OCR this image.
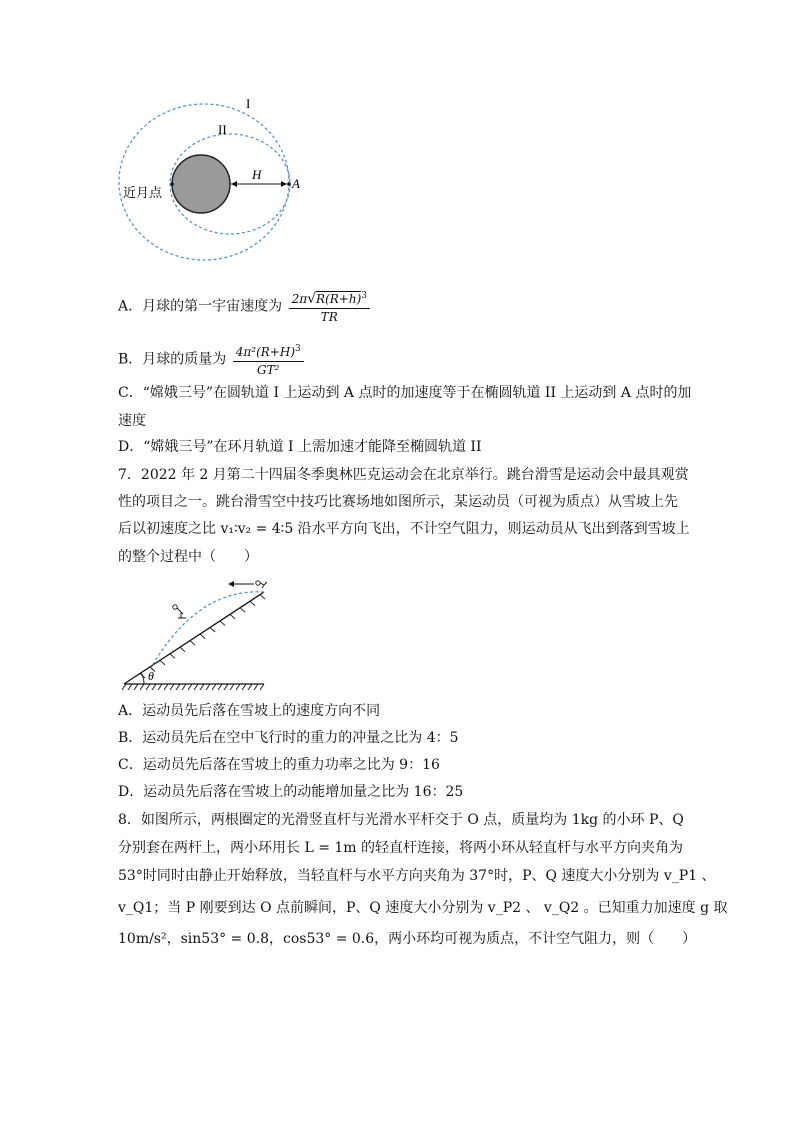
I
II
H
A
近月点
A．月球的第一宇宙速度为 $\frac{2\pi√R(R+h)^3}{TR}$
B．月球的质量为 $\frac{4\pi^2(R+H)^3}{\text{GT²}}$
C．“嫦娥三号”在圆轨道 I 上运动到 A 点时的加速度等于在椭圆轨道 II 上运动到 A 点时的加
速度
D．“嫦娥三号”在环月轨道 I 上需加速才能降至椭圆轨道 II
7．2022 年 2 月第二十四届冬季奥林匹克运动会在北京举行。跳台滑雪是运动会中最具观赏
性的项目之一。跳台滑雪空中技巧比赛场地如图所示，某运动员（可视为质点）从雪坡上先
后以初速度之比 v₁∶v₂ = 4∶5 沿水平方向飞出，不计空气阻力，则运动员从飞出到落到雪坡上
的整个过程中（　　）
θ
A．运动员先后落在雪坡上的速度方向不同
B．运动员先后在空中飞行时的重力的冲量之比为 4：5
C．运动员先后落在雪坡上的重力功率之比为 9：16
D．运动员先后落在雪坡上的动能增加量之比为 16：25
8．如图所示，两根圈定的光滑竖直杆与光滑水平杆交于 O 点，质量均为 1kg 的小环 P、Q
分别套在两杆上，两小环用长 L = 1m 的轻直杆连接，将两小环从轻直杆与水平方向夹角为
53°时同时由静止开始释放，当轻直杆与水平方向夹角为 37°时，P、Q 速度大小分别为 v_P1 、
v_Q1；当 P 刚要到达 O 点前瞬间，P、Q 速度大小分别为 v_P2 、 v_Q2 。已知重力加速度 g 取
10m/s²，sin53° = 0.8，cos53° = 0.6，两小环均可视为质点，不计空气阻力，则（　　）
